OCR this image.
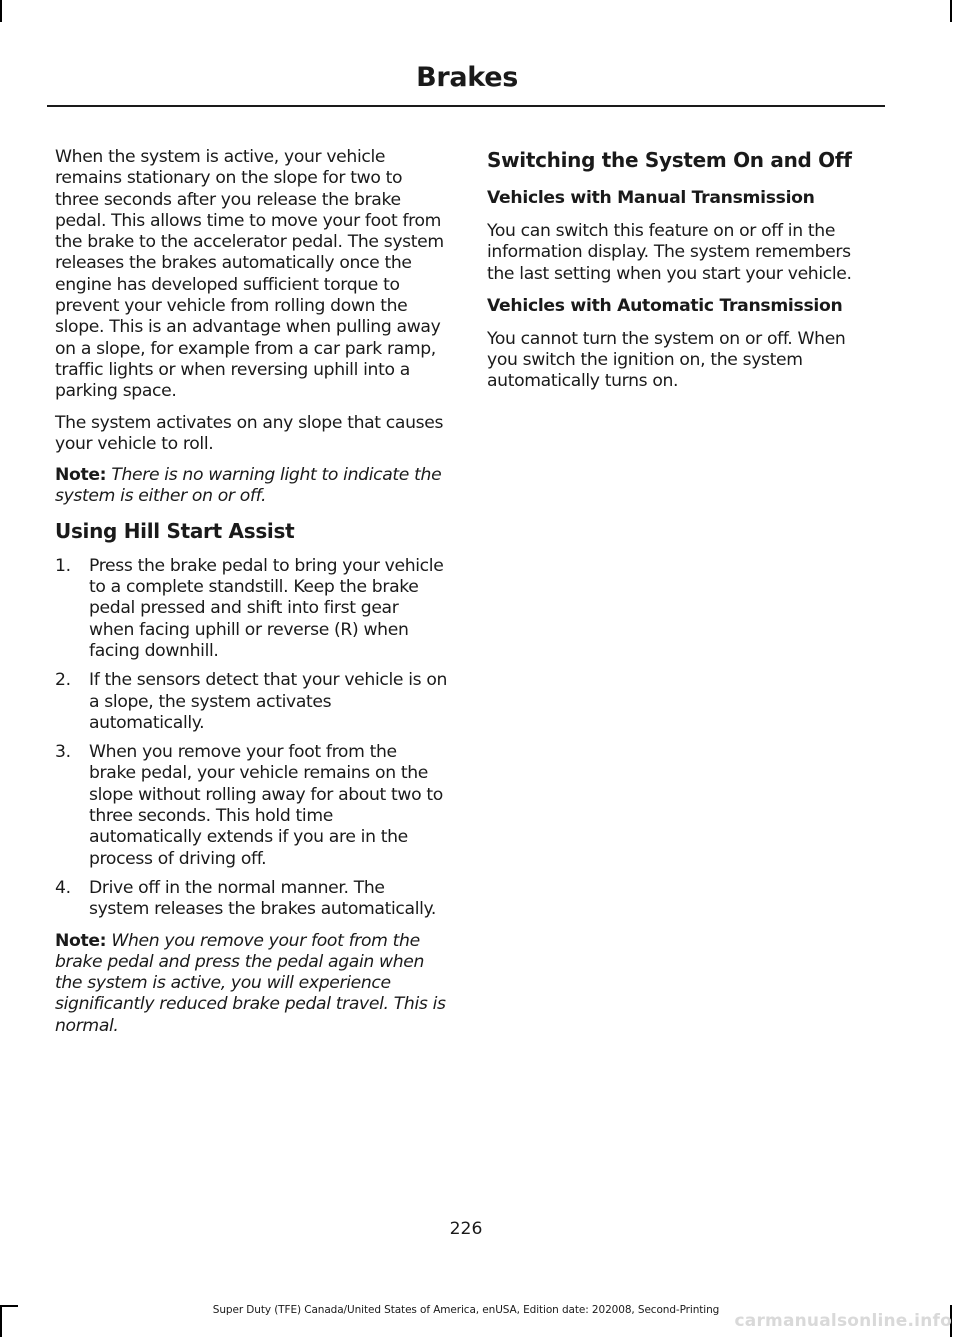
Brakes

When the system is active, your vehicle remains stationary on the slope for two to three seconds after you release the brake pedal. This allows time to move your foot from the brake to the accelerator pedal. The system releases the brakes automatically once the engine has developed sufficient torque to prevent your vehicle from rolling down the slope. This is an advantage when pulling away on a slope, for example from a car park ramp, traffic lights or when reversing uphill into a parking space.

The system activates on any slope that causes your vehicle to roll.

Note: There is no warning light to indicate the system is either on or off.

Using Hill Start Assist
1. Press the brake pedal to bring your vehicle to a complete standstill. Keep the brake pedal pressed and shift into first gear when facing uphill or reverse (R) when facing downhill.
2. If the sensors detect that your vehicle is on a slope, the system activates automatically.
3. When you remove your foot from the brake pedal, your vehicle remains on the slope without rolling away for about two to three seconds. This hold time automatically extends if you are in the process of driving off.
4. Drive off in the normal manner. The system releases the brakes automatically.

Note: When you remove your foot from the brake pedal and press the pedal again when the system is active, you will experience significantly reduced brake pedal travel. This is normal.

Switching the System On and Off
Vehicles with Manual Transmission

You can switch this feature on or off in the information display. The system remembers the last setting when you start your vehicle.

Vehicles with Automatic Transmission

You cannot turn the system on or off. When you switch the ignition on, the system automatically turns on.

226
Super Duty (TFE) Canada/United States of America, enUSA, Edition date: 202008, Second-Printing
carmanualsonline.info
